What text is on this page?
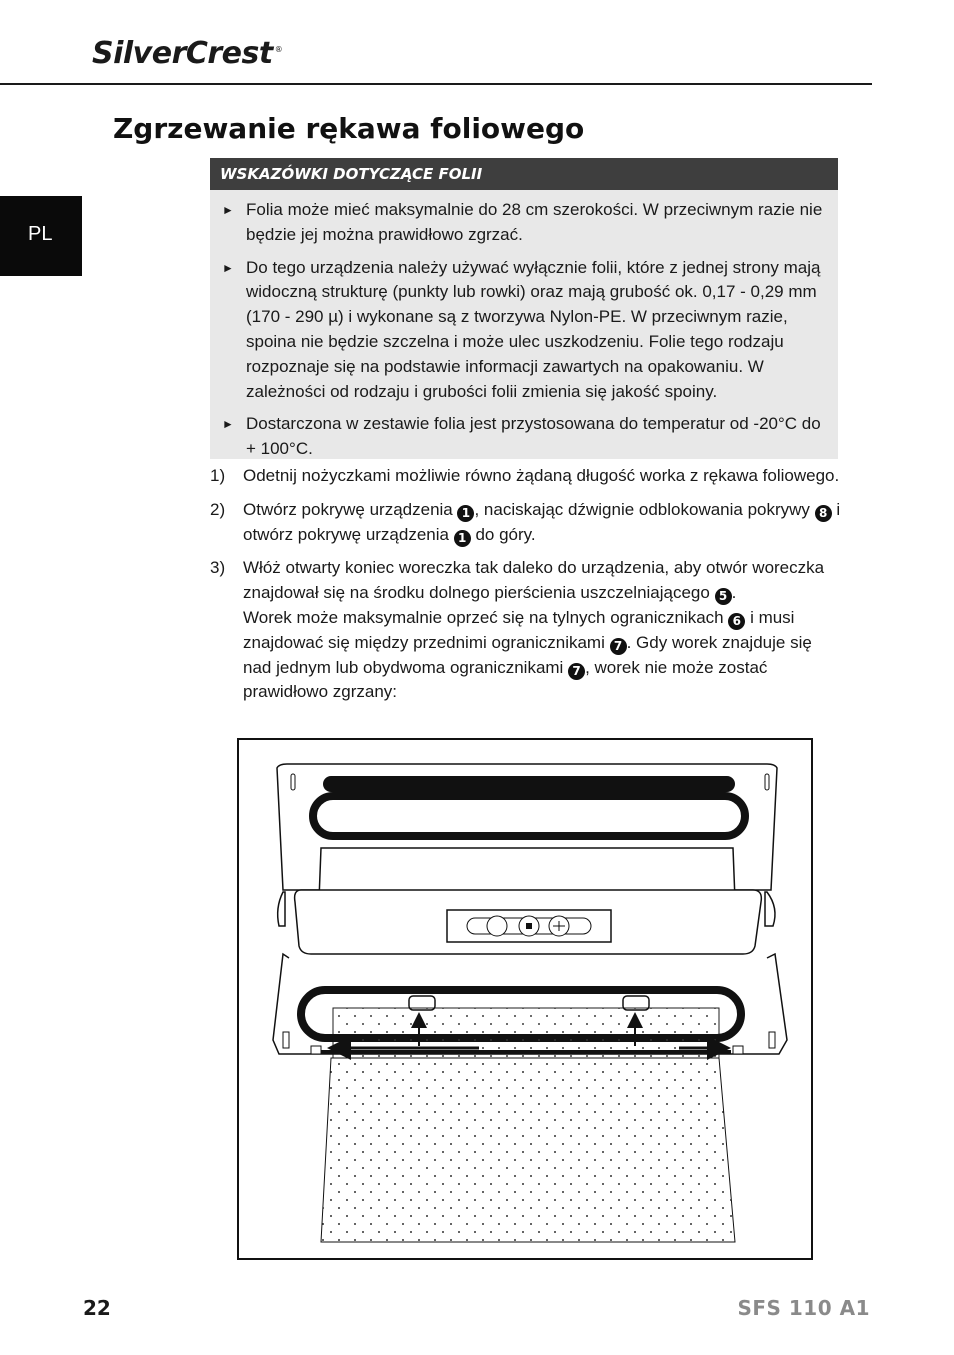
SilverCrest ®
PL
Zgrzewanie rękawa foliowego
WSKAZÓWKI DOTYCZĄCE FOLII
► Folia może mieć maksymalnie do 28 cm szerokości. W przeciwnym razie nie będzie jej można prawidłowo zgrzać.
► Do tego urządzenia należy używać wyłącznie folii, które z jednej strony mają widoczną strukturę (punkty lub rowki) oraz mają grubość ok. 0,17 - 0,29 mm (170 - 290 µ) i wykonane są z tworzywa Nylon-PE. W przeciwnym razie, spoina nie będzie szczelna i może ulec uszkodzeniu. Folie tego rodzaju rozpoznaje się na podstawie informacji zawartych na opakowaniu. W zależności od rodzaju i grubości folii zmienia się jakość spoiny.
► Dostarczona w zestawie folia jest przystosowana do temperatur od -20°C do + 100°C.
1) Odetnij nożyczkami możliwie równo żądaną długość worka z rękawa foliowego.
2) Otwórz pokrywę urządzenia 1 , naciskając dźwignie odblokowania pokrywy 8 i otwórz pokrywę urządzenia 1 do góry.
3) Włóż otwarty koniec woreczka tak daleko do urządzenia, aby otwór woreczka znajdował się na środku dolnego pierścienia uszczelniającego 5 .
Worek może maksymalnie oprzeć się na tylnych ogranicznikach 6 i musi znajdować się między przednimi ogranicznikami 7 . Gdy worek znajduje się nad jednym lub obydwoma ogranicznikami 7 , worek nie może zostać prawidłowo zgrzany:
22	SFS 110 A1
